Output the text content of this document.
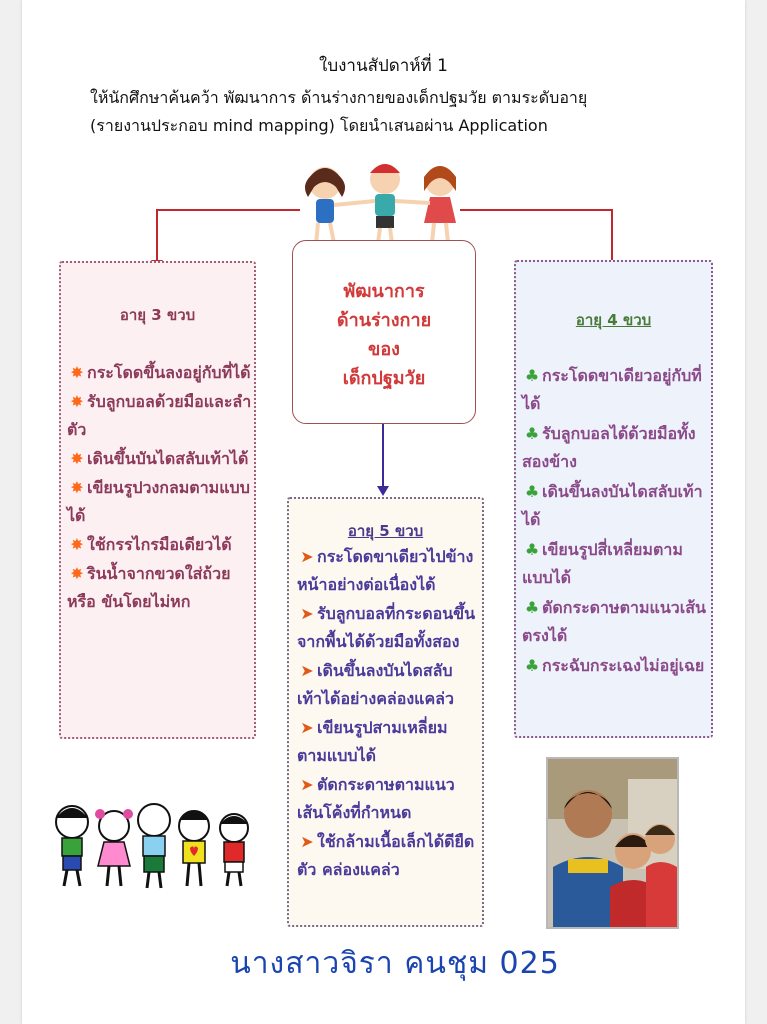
ใบงานสัปดาห์ที่ 1
ให้นักศึกษาค้นคว้า พัฒนาการ ด้านร่างกายของเด็กปฐมวัย ตามระดับอายุ
(รายงานประกอบ mind mapping) โดยนำเสนอผ่าน Application
พัฒนาการ
ด้านร่างกาย
ของ
เด็กปฐมวัย
อายุ 3 ขวบ
✸ กระโดดขึ้นลงอยู่กับที่ได้
✸ รับลูกบอลด้วยมือและลำตัว
✸ เดินขึ้นบันไดสลับเท้าได้
✸ เขียนรูปวงกลมตามแบบได้
✸ ใช้กรรไกรมือเดียวได้
✸ รินน้ำจากขวดใส่ถ้วยหรือ ขันโดยไม่หก
อายุ 4 ขวบ
♣ กระโดดขาเดียวอยู่กับที่ได้
♣ รับลูกบอลได้ด้วยมือทั้งสองข้าง
♣ เดินขึ้นลงบันไดสลับเท้าได้
♣ เขียนรูปสี่เหลี่ยมตามแบบได้
♣ ตัดกระดาษตามแนวเส้นตรงได้
♣ กระฉับกระเฉงไม่อยู่เฉย
อายุ 5 ขวบ
➤ กระโดดขาเดียวไปข้างหน้าอย่างต่อเนื่องได้
➤ รับลูกบอลที่กระดอนขึ้นจากพื้นได้ด้วยมือทั้งสอง
➤ เดินขึ้นลงบันไดสลับเท้าได้อย่างคล่องแคล่ว
➤ เขียนรูปสามเหลี่ยมตามแบบได้
➤ ตัดกระดาษตามแนวเส้นโค้งที่กำหนด
➤ ใช้กล้ามเนื้อเล็กได้ดียืดตัว คล่องแคล่ว
นางสาวจิรา คนชุม 025
